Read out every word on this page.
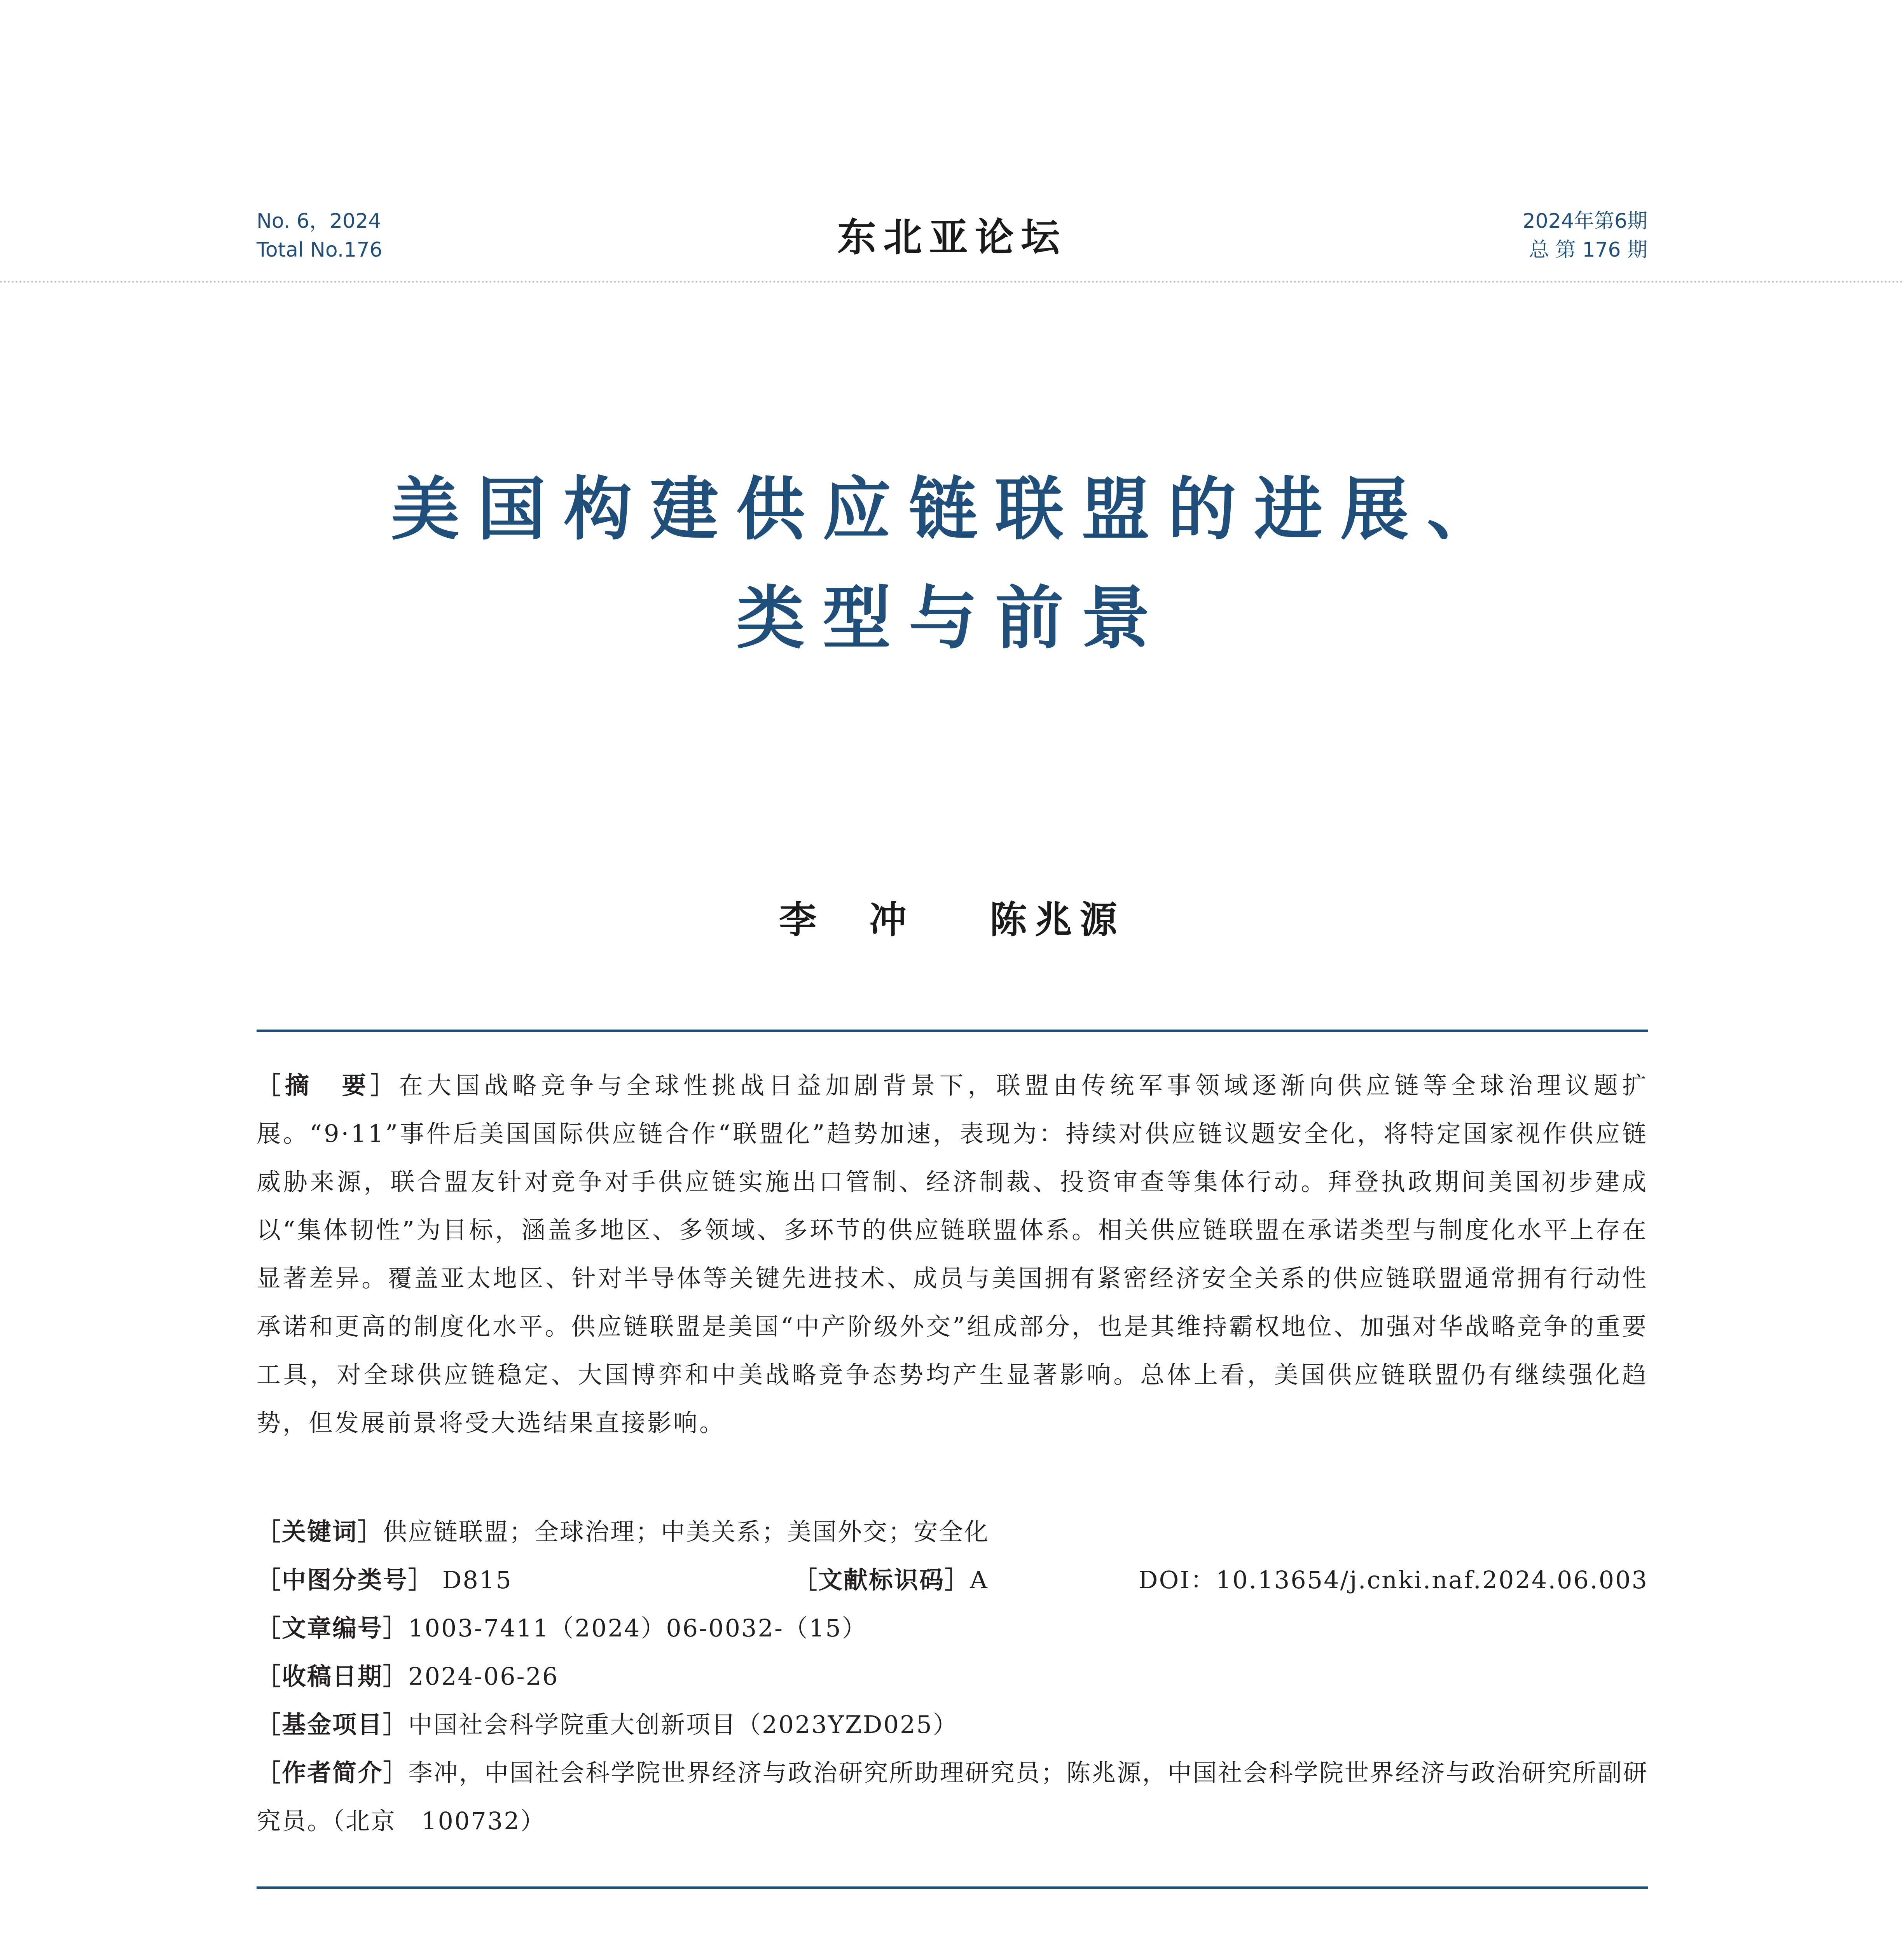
No. 6，2024
Total No.176	东北亚论坛	2024年第6期
总 第 176 期
美国构建供应链联盟的进展、
类型与前景
李　冲 陈兆源
［摘　要］在大国战略竞争与全球性挑战日益加剧背景下，联盟由传统军事领域逐渐向供应链等全球治理议题扩展。“9·11”事件后美国国际供应链合作“联盟化”趋势加速，表现为：持续对供应链议题安全化，将特定国家视作供应链威胁来源，联合盟友针对竞争对手供应链实施出口管制、经济制裁、投资审查等集体行动。拜登执政期间美国初步建成以“集体韧性”为目标，涵盖多地区、多领域、多环节的供应链联盟体系。相关供应链联盟在承诺类型与制度化水平上存在显著差异。覆盖亚太地区、针对半导体等关键先进技术、成员与美国拥有紧密经济安全关系的供应链联盟通常拥有行动性承诺和更高的制度化水平。供应链联盟是美国“中产阶级外交”组成部分，也是其维持霸权地位、加强对华战略竞争的重要工具，对全球供应链稳定、大国博弈和中美战略竞争态势均产生显著影响。总体上看，美国供应链联盟仍有继续强化趋势，但发展前景将受大选结果直接影响。
［关键词］供应链联盟；全球治理；中美关系；美国外交；安全化
［中图分类号］ D815	［文献标识码］A	DOI：10.13654/j.cnki.naf.2024.06.003
［文章编号］1003-7411（2024）06-0032-（15）
［收稿日期］2024-06-26
［基金项目］中国社会科学院重大创新项目（2023YZD025）
［作者简介］李冲，中国社会科学院世界经济与政治研究所助理研究员；陈兆源，中国社会科学院世界经济与政治研究所副研究员。（北京　100732）
